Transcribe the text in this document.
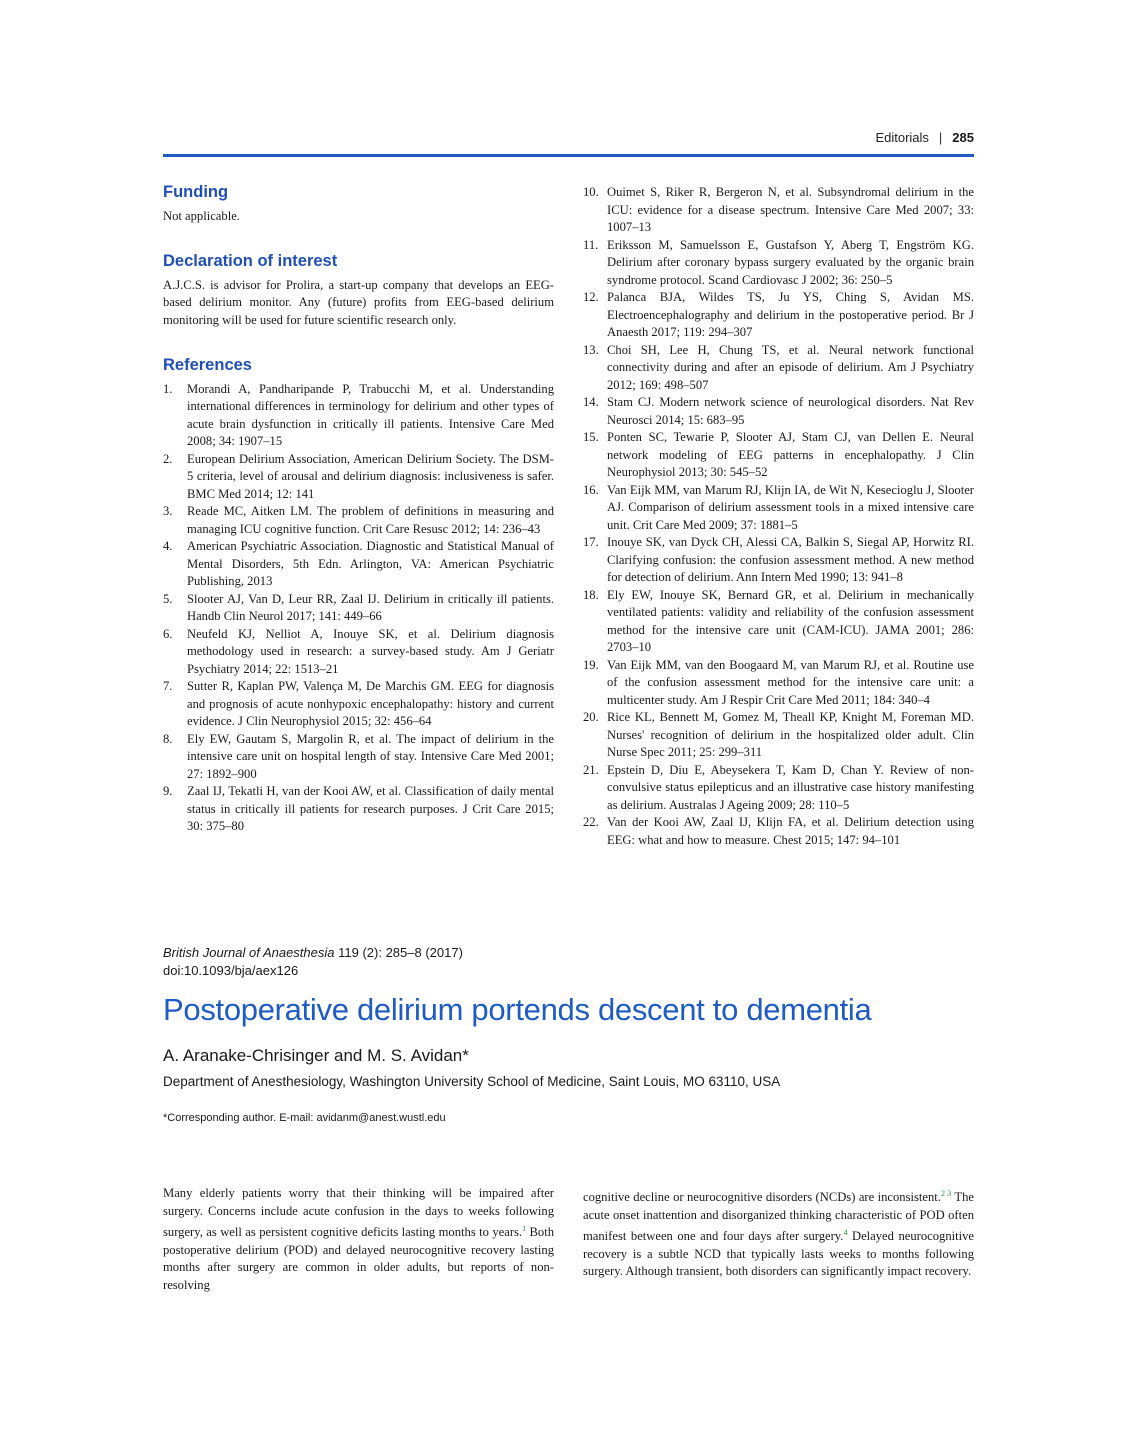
Editorials | 285
Funding

Not applicable.

Declaration of interest

A.J.C.S. is advisor for Prolira, a start-up company that develops an EEG-based delirium monitor. Any (future) profits from EEG-based delirium monitoring will be used for future scientific research only.

References
1. Morandi A, Pandharipande P, Trabucchi M, et al. Understanding international differences in terminology for delirium and other types of acute brain dysfunction in critically ill patients. Intensive Care Med 2008; 34: 1907–15
2. European Delirium Association, American Delirium Society. The DSM-5 criteria, level of arousal and delirium diagnosis: inclusiveness is safer. BMC Med 2014; 12: 141
3. Reade MC, Aitken LM. The problem of definitions in measuring and managing ICU cognitive function. Crit Care Resusc 2012; 14: 236–43
4. American Psychiatric Association. Diagnostic and Statistical Manual of Mental Disorders, 5th Edn. Arlington, VA: American Psychiatric Publishing, 2013
5. Slooter AJ, Van D, Leur RR, Zaal IJ. Delirium in critically ill patients. Handb Clin Neurol 2017; 141: 449–66
6. Neufeld KJ, Nelliot A, Inouye SK, et al. Delirium diagnosis methodology used in research: a survey-based study. Am J Geriatr Psychiatry 2014; 22: 1513–21
7. Sutter R, Kaplan PW, Valença M, De Marchis GM. EEG for diagnosis and prognosis of acute nonhypoxic encephalopathy: history and current evidence. J Clin Neurophysiol 2015; 32: 456–64
8. Ely EW, Gautam S, Margolin R, et al. The impact of delirium in the intensive care unit on hospital length of stay. Intensive Care Med 2001; 27: 1892–900
9. Zaal IJ, Tekatli H, van der Kooi AW, et al. Classification of daily mental status in critically ill patients for research purposes. J Crit Care 2015; 30: 375–80
10. Ouimet S, Riker R, Bergeron N, et al. Subsyndromal delirium in the ICU: evidence for a disease spectrum. Intensive Care Med 2007; 33: 1007–13
11. Eriksson M, Samuelsson E, Gustafson Y, Aberg T, Engström KG. Delirium after coronary bypass surgery evaluated by the organic brain syndrome protocol. Scand Cardiovasc J 2002; 36: 250–5
12. Palanca BJA, Wildes TS, Ju YS, Ching S, Avidan MS. Electroencephalography and delirium in the postoperative period. Br J Anaesth 2017; 119: 294–307
13. Choi SH, Lee H, Chung TS, et al. Neural network functional connectivity during and after an episode of delirium. Am J Psychiatry 2012; 169: 498–507
14. Stam CJ. Modern network science of neurological disorders. Nat Rev Neurosci 2014; 15: 683–95
15. Ponten SC, Tewarie P, Slooter AJ, Stam CJ, van Dellen E. Neural network modeling of EEG patterns in encephalopathy. J Clin Neurophysiol 2013; 30: 545–52
16. Van Eijk MM, van Marum RJ, Klijn IA, de Wit N, Kesecioglu J, Slooter AJ. Comparison of delirium assessment tools in a mixed intensive care unit. Crit Care Med 2009; 37: 1881–5
17. Inouye SK, van Dyck CH, Alessi CA, Balkin S, Siegal AP, Horwitz RI. Clarifying confusion: the confusion assessment method. A new method for detection of delirium. Ann Intern Med 1990; 13: 941–8
18. Ely EW, Inouye SK, Bernard GR, et al. Delirium in mechanically ventilated patients: validity and reliability of the confusion assessment method for the intensive care unit (CAM-ICU). JAMA 2001; 286: 2703–10
19. Van Eijk MM, van den Boogaard M, van Marum RJ, et al. Routine use of the confusion assessment method for the intensive care unit: a multicenter study. Am J Respir Crit Care Med 2011; 184: 340–4
20. Rice KL, Bennett M, Gomez M, Theall KP, Knight M, Foreman MD. Nurses' recognition of delirium in the hospitalized older adult. Clin Nurse Spec 2011; 25: 299–311
21. Epstein D, Diu E, Abeysekera T, Kam D, Chan Y. Review of non-convulsive status epilepticus and an illustrative case history manifesting as delirium. Australas J Ageing 2009; 28: 110–5
22. Van der Kooi AW, Zaal IJ, Klijn FA, et al. Delirium detection using EEG: what and how to measure. Chest 2015; 147: 94–101
British Journal of Anaesthesia 119 (2): 285–8 (2017)
doi:10.1093/bja/aex126
Postoperative delirium portends descent to dementia
A. Aranake-Chrisinger and M. S. Avidan*
Department of Anesthesiology, Washington University School of Medicine, Saint Louis, MO 63110, USA
*Corresponding author. E-mail: avidanm@anest.wustl.edu

Many elderly patients worry that their thinking will be impaired after surgery. Concerns include acute confusion in the days to weeks following surgery, as well as persistent cognitive deficits lasting months to years.$^1$ Both postoperative delirium (POD) and delayed neurocognitive recovery lasting months after surgery are common in older adults, but reports of non-resolving

cognitive decline or neurocognitive disorders (NCDs) are inconsistent.$^{2 3}$ The acute onset inattention and disorganized thinking characteristic of POD often manifest between one and four days after surgery.$^4$ Delayed neurocognitive recovery is a subtle NCD that typically lasts weeks to months following surgery. Although transient, both disorders can significantly impact recovery.
